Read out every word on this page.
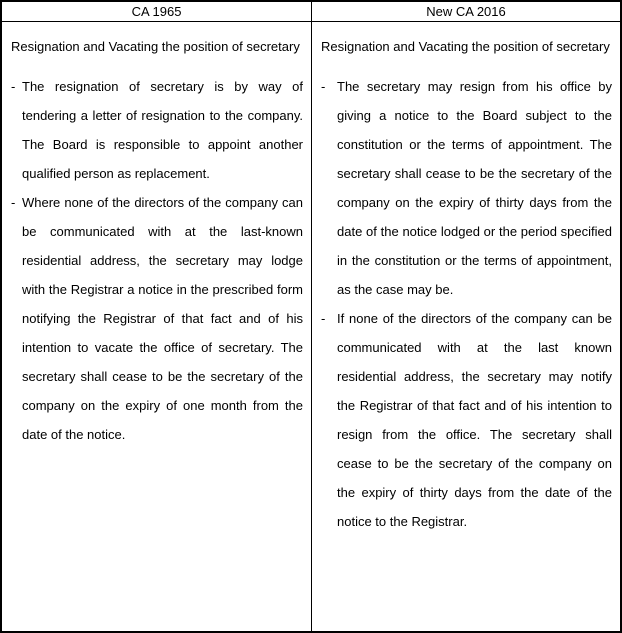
CA 1965	New CA 2016

Resignation and Vacating the position of secretary

- The resignation of secretary is by way of tendering a letter of resignation to the company. The Board is responsible to appoint another qualified person as replacement.
- Where none of the directors of the company can be communicated with at the last-known residential address, the secretary may lodge with the Registrar a notice in the prescribed form notifying the Registrar of that fact and of his intention to vacate the office of secretary. The secretary shall cease to be the secretary of the company on the expiry of one month from the date of the notice.

Resignation and Vacating the position of secretary

- The secretary may resign from his office by giving a notice to the Board subject to the constitution or the terms of appointment. The secretary shall cease to be the secretary of the company on the expiry of thirty days from the date of the notice lodged or the period specified in the constitution or the terms of appointment, as the case may be.
- If none of the directors of the company can be communicated with at the last known residential address, the secretary may notify the Registrar of that fact and of his intention to resign from the office. The secretary shall cease to be the secretary of the company on the expiry of thirty days from the date of the notice to the Registrar.
